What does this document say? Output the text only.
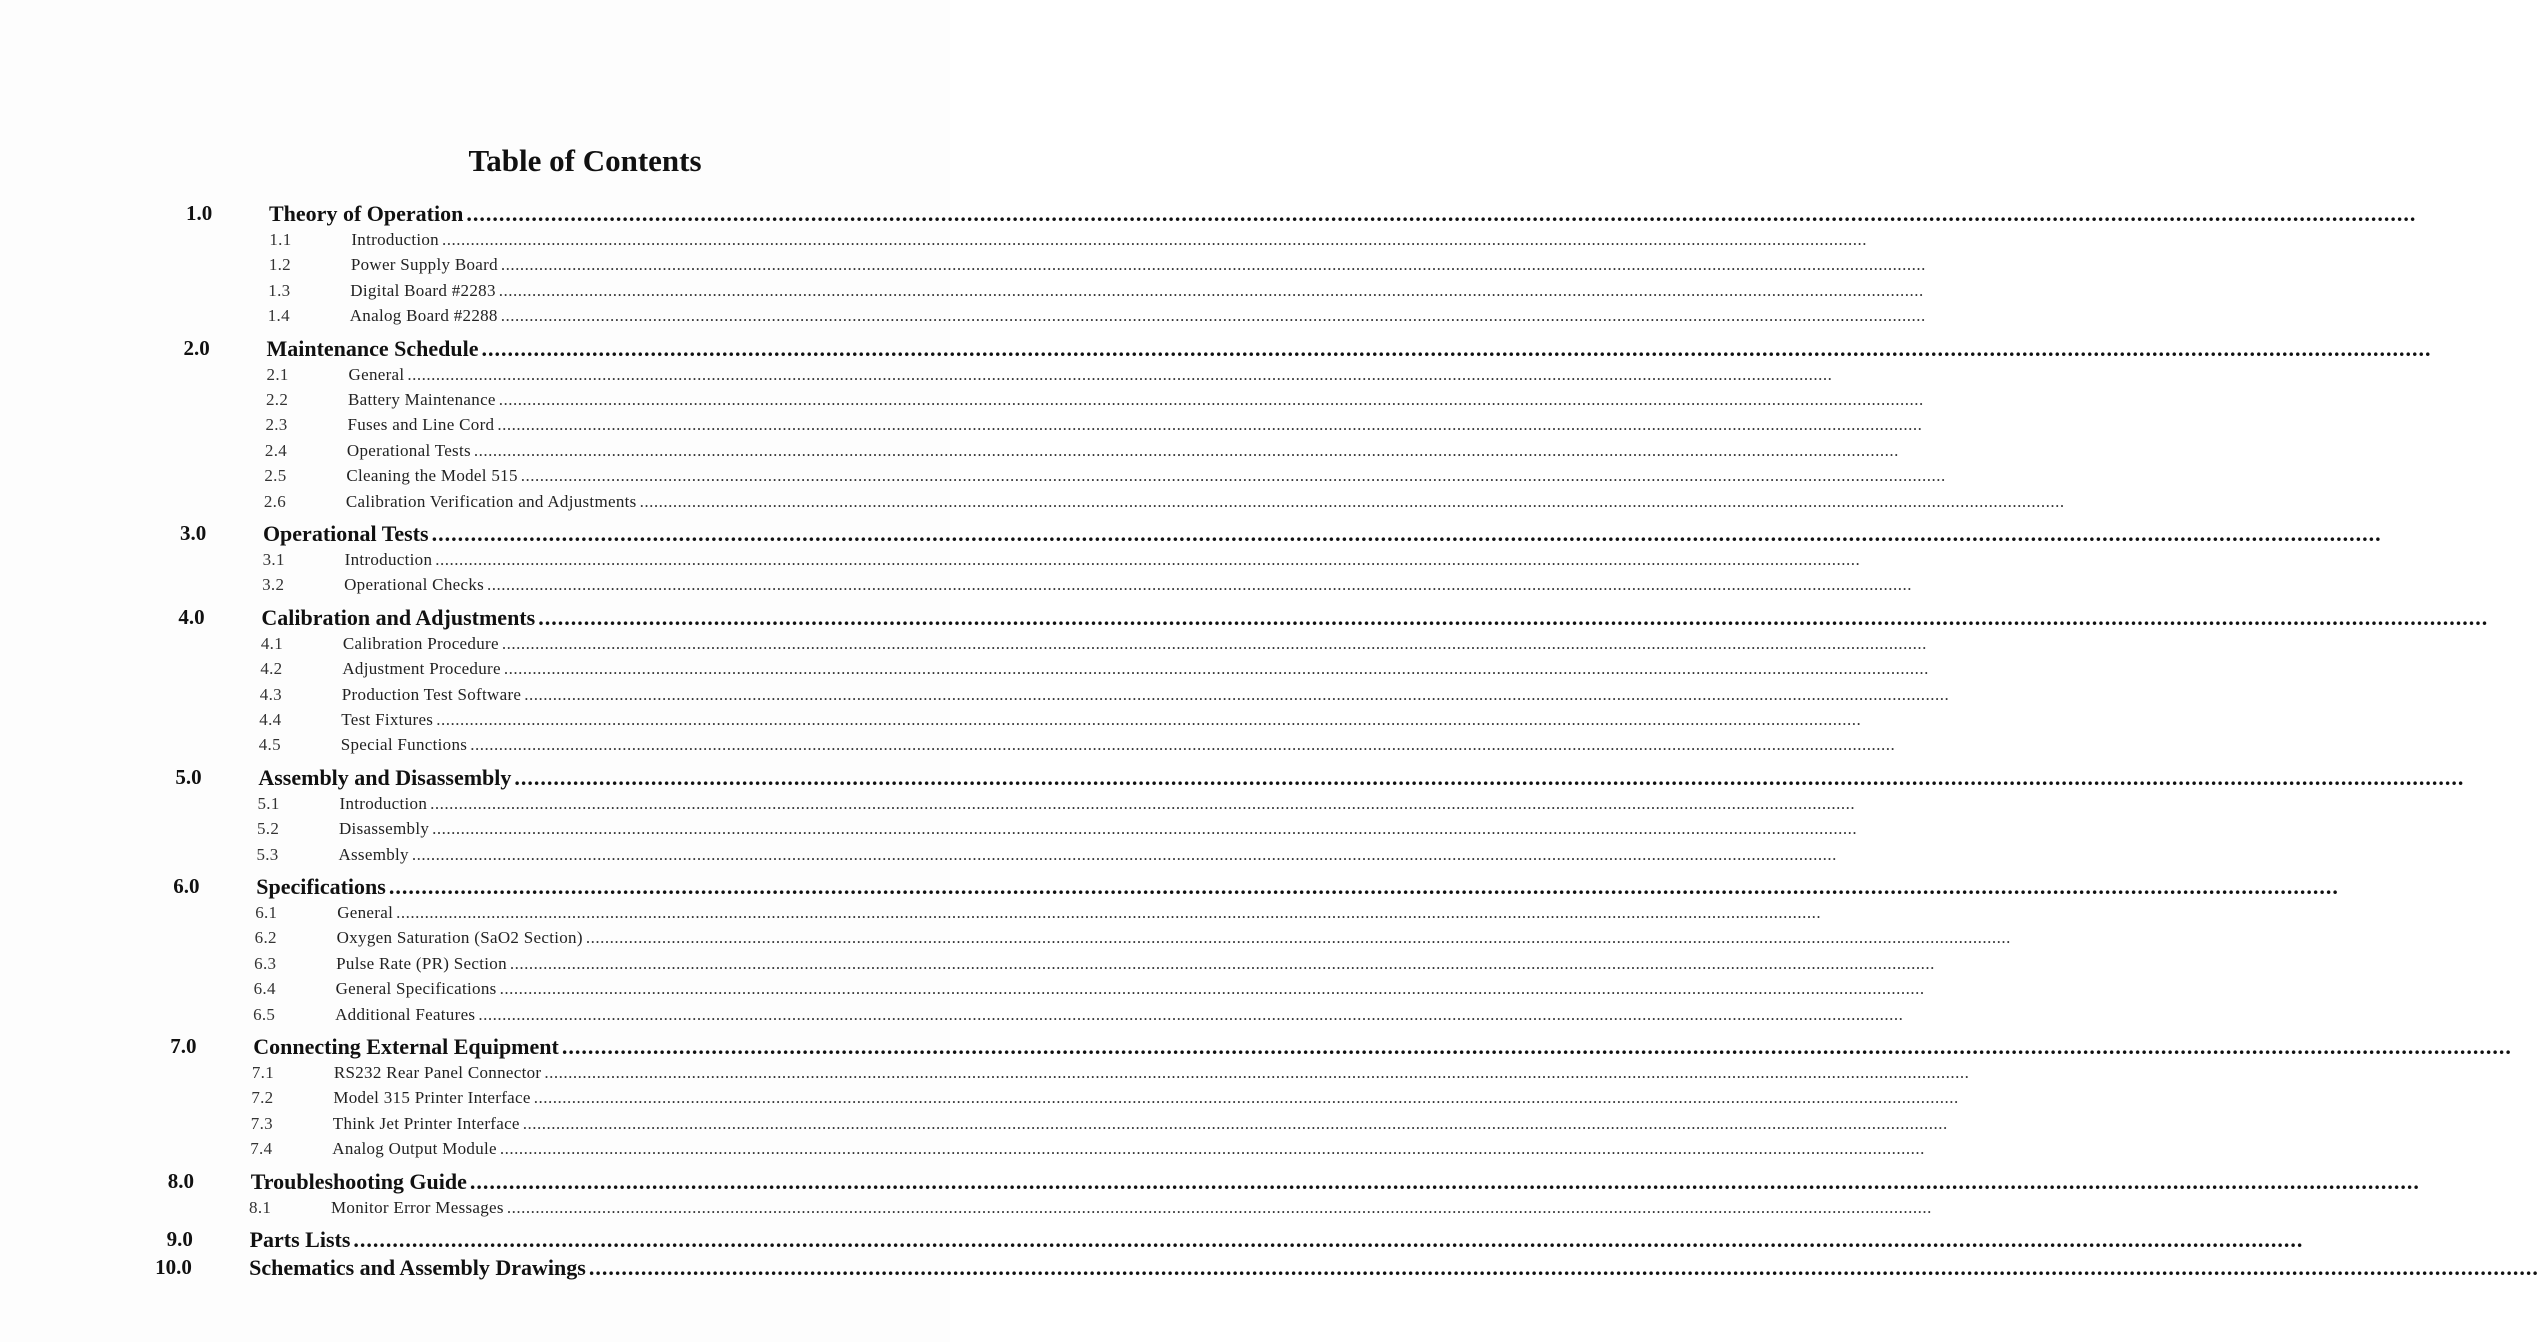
Table of Contents
1.0	Theory of Operation ............................................................................................................................................................................................................................................................................................................
1.1	Introduction ............................................................................................................................................................................................................................................................................................................
1.2	Power Supply Board ............................................................................................................................................................................................................................................................................................................
1.3	Digital Board #2283 ............................................................................................................................................................................................................................................................................................................
1.4	Analog Board #2288 ............................................................................................................................................................................................................................................................................................................
2.0	Maintenance Schedule ............................................................................................................................................................................................................................................................................................................
2.1	General ............................................................................................................................................................................................................................................................................................................
2.2	Battery Maintenance ............................................................................................................................................................................................................................................................................................................
2.3	Fuses and Line Cord ............................................................................................................................................................................................................................................................................................................
2.4	Operational Tests ............................................................................................................................................................................................................................................................................................................
2.5	Cleaning the Model 515 ............................................................................................................................................................................................................................................................................................................
2.6	Calibration Verification and Adjustments ............................................................................................................................................................................................................................................................................................................
3.0	Operational Tests ............................................................................................................................................................................................................................................................................................................
3.1	Introduction ............................................................................................................................................................................................................................................................................................................
3.2	Operational Checks ............................................................................................................................................................................................................................................................................................................
4.0	Calibration and Adjustments ............................................................................................................................................................................................................................................................................................................
4.1	Calibration Procedure ............................................................................................................................................................................................................................................................................................................
4.2	Adjustment Procedure ............................................................................................................................................................................................................................................................................................................
4.3	Production Test Software ............................................................................................................................................................................................................................................................................................................
4.4	Test Fixtures ............................................................................................................................................................................................................................................................................................................
4.5	Special Functions ............................................................................................................................................................................................................................................................................................................
5.0	Assembly and Disassembly ............................................................................................................................................................................................................................................................................................................
5.1	Introduction ............................................................................................................................................................................................................................................................................................................
5.2	Disassembly ............................................................................................................................................................................................................................................................................................................
5.3	Assembly ............................................................................................................................................................................................................................................................................................................
6.0	Specifications ............................................................................................................................................................................................................................................................................................................
6.1	General ............................................................................................................................................................................................................................................................................................................
6.2	Oxygen Saturation (SaO2 Section) ............................................................................................................................................................................................................................................................................................................
6.3	Pulse Rate (PR) Section ............................................................................................................................................................................................................................................................................................................
6.4	General Specifications ............................................................................................................................................................................................................................................................................................................
6.5	Additional Features ............................................................................................................................................................................................................................................................................................................
7.0	Connecting External Equipment ............................................................................................................................................................................................................................................................................................................
7.1	RS232 Rear Panel Connector ............................................................................................................................................................................................................................................................................................................
7.2	Model 315 Printer Interface ............................................................................................................................................................................................................................................................................................................
7.3	Think Jet Printer Interface ............................................................................................................................................................................................................................................................................................................
7.4	Analog Output Module ............................................................................................................................................................................................................................................................................................................
8.0	Troubleshooting Guide ............................................................................................................................................................................................................................................................................................................
8.1	Monitor Error Messages ............................................................................................................................................................................................................................................................................................................
9.0	Parts Lists ............................................................................................................................................................................................................................................................................................................
10.0	Schematics and Assembly Drawings ............................................................................................................................................................................................................................................................................................................
